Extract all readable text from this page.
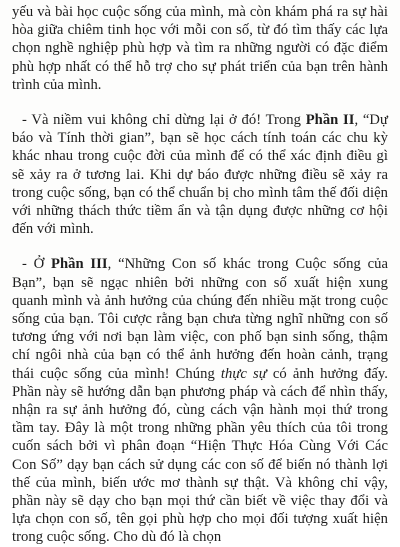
yếu và bài học cuộc sống của mình, mà còn khám phá ra sự hài hòa giữa chiêm tinh học với mỗi con số, từ đó tìm thấy các lựa chọn nghề nghiệp phù hợp và tìm ra những người có đặc điểm phù hợp nhất có thể hỗ trợ cho sự phát triển của bạn trên hành trình của mình.

- Và niềm vui không chỉ dừng lại ở đó! Trong Phần II, “Dự báo và Tính thời gian”, bạn sẽ học cách tính toán các chu kỳ khác nhau trong cuộc đời của mình để có thể xác định điều gì sẽ xảy ra ở tương lai. Khi dự báo được những điều sẽ xảy ra trong cuộc sống, bạn có thể chuẩn bị cho mình tâm thế đối diện với những thách thức tiềm ẩn và tận dụng được những cơ hội đến với mình.

- Ở Phần III, “Những Con số khác trong Cuộc sống của Bạn”, bạn sẽ ngạc nhiên bởi những con số xuất hiện xung quanh mình và ảnh hưởng của chúng đến nhiều mặt trong cuộc sống của bạn. Tôi cược rằng bạn chưa từng nghĩ những con số tương ứng với nơi bạn làm việc, con phố bạn sinh sống, thậm chí ngôi nhà của bạn có thể ảnh hưởng đến hoàn cảnh, trạng thái cuộc sống của mình! Chúng thực sự có ảnh hưởng đấy. Phần này sẽ hướng dẫn bạn phương pháp và cách để nhìn thấy, nhận ra sự ảnh hưởng đó, cùng cách vận hành mọi thứ trong tầm tay. Đây là một trong những phần yêu thích của tôi trong cuốn sách bởi vì phân đoạn “Hiện Thực Hóa Cùng Với Các Con Số” dạy bạn cách sử dụng các con số để biến nó thành lợi thế của mình, biến ước mơ thành sự thật. Và không chỉ vậy, phần này sẽ dạy cho bạn mọi thứ cần biết về việc thay đổi và lựa chọn con số, tên gọi phù hợp cho mọi đối tượng xuất hiện trong cuộc sống. Cho dù đó là chọn
